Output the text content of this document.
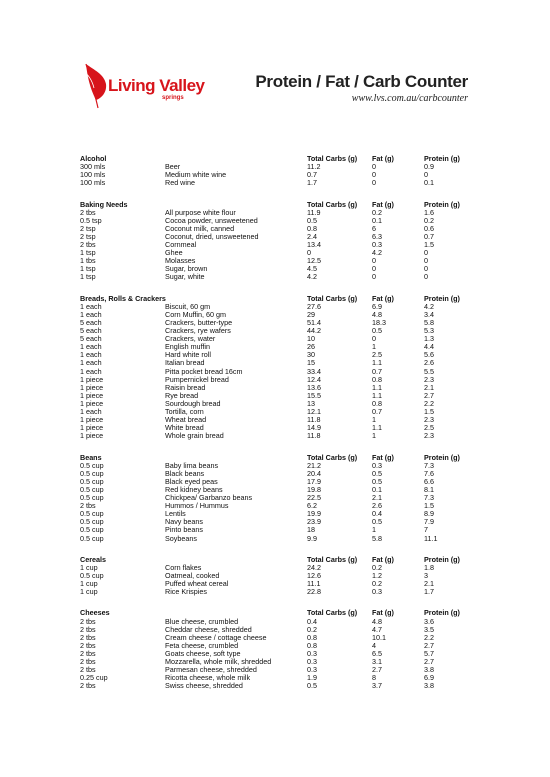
Living Valley
springs
Protein / Fat / Carb Counter
www.lvs.com.au/carbcounter
Alcohol	Total Carbs (g) Fat (g)	Protein (g)
300 mls	Beer	11.2	0	0.9
100 mls	Medium white wine	0.7	0	0
100 mls	Red wine	1.7	0	0.1
Baking Needs	Total Carbs (g) Fat (g)	Protein (g)
2 tbs	All purpose white flour	11.9	0.2	1.6
0.5 tsp	Cocoa powder, unsweetened	0.5	0.1	0.2
2 tsp	Coconut milk, canned	0.8	6	0.6
2 tsp	Coconut, dried, unsweetened	2.4	6.3	0.7
2 tbs	Cornmeal	13.4	0.3	1.5
1 tsp	Ghee	0	4.2	0
1 tbs	Molasses	12.5	0	0
1 tsp	Sugar, brown	4.5	0	0
1 tsp	Sugar, white	4.2	0	0
Breads, Rolls & Crackers	Total Carbs (g) Fat (g)	Protein (g)
1 each	Biscuit, 60 gm	27.6	6.9	4.2
1 each	Corn Muffin, 60 gm	29	4.8	3.4
5 each	Crackers, butter-type	51.4	18.3	5.8
5 each	Crackers, rye wafers	44.2	0.5	5.3
5 each	Crackers, water	10	0	1.3
1 each	English muffin	26	1	4.4
1 each	Hard white roll	30	2.5	5.6
1 each	Italian bread	15	1.1	2.6
1 each	Pitta pocket bread 16cm	33.4	0.7	5.5
1 piece	Pumpernickel bread	12.4	0.8	2.3
1 piece	Raisin bread	13.6	1.1	2.1
1 piece	Rye bread	15.5	1.1	2.7
1 piece	Sourdough bread	13	0.8	2.2
1 each	Tortilla, corn	12.1	0.7	1.5
1 piece	Wheat bread	11.8	1	2.3
1 piece	White bread	14.9	1.1	2.5
1 piece	Whole grain bread	11.8	1	2.3
Beans	Total Carbs (g) Fat (g)	Protein (g)
0.5 cup	Baby lima beans	21.2	0.3	7.3
0.5 cup	Black beans	20.4	0.5	7.6
0.5 cup	Black eyed peas	17.9	0.5	6.6
0.5 cup	Red kidney beans	19.8	0.1	8.1
0.5 cup	Chickpea/ Garbanzo beans	22.5	2.1	7.3
2 tbs	Hummos / Hummus	6.2	2.6	1.5
0.5 cup	Lentils	19.9	0.4	8.9
0.5 cup	Navy beans	23.9	0.5	7.9
0.5 cup	Pinto beans	18	1	7
0.5 cup	Soybeans	9.9	5.8	11.1
Cereals	Total Carbs (g) Fat (g)	Protein (g)
1 cup	Corn flakes	24.2	0.2	1.8
0.5 cup	Oatmeal, cooked	12.6	1.2	3
1 cup	Puffed wheat cereal	11.1	0.2	2.1
1 cup	Rice Krispies	22.8	0.3	1.7
Cheeses	Total Carbs (g) Fat (g)	Protein (g)
2 tbs	Blue cheese, crumbled	0.4	4.8	3.6
2 tbs	Cheddar cheese, shredded	0.2	4.7	3.5
2 tbs	Cream cheese / cottage cheese	0.8	10.1	2.2
2 tbs	Feta cheese, crumbled	0.8	4	2.7
2 tbs	Goats cheese, soft type	0.3	6.5	5.7
2 tbs	Mozzarella, whole milk, shredded	0.3	3.1	2.7
2 tbs	Parmesan cheese, shredded	0.3	2.7	3.8
0.25 cup	Ricotta cheese, whole milk	1.9	8	6.9
2 tbs	Swiss cheese, shredded	0.5	3.7	3.8
